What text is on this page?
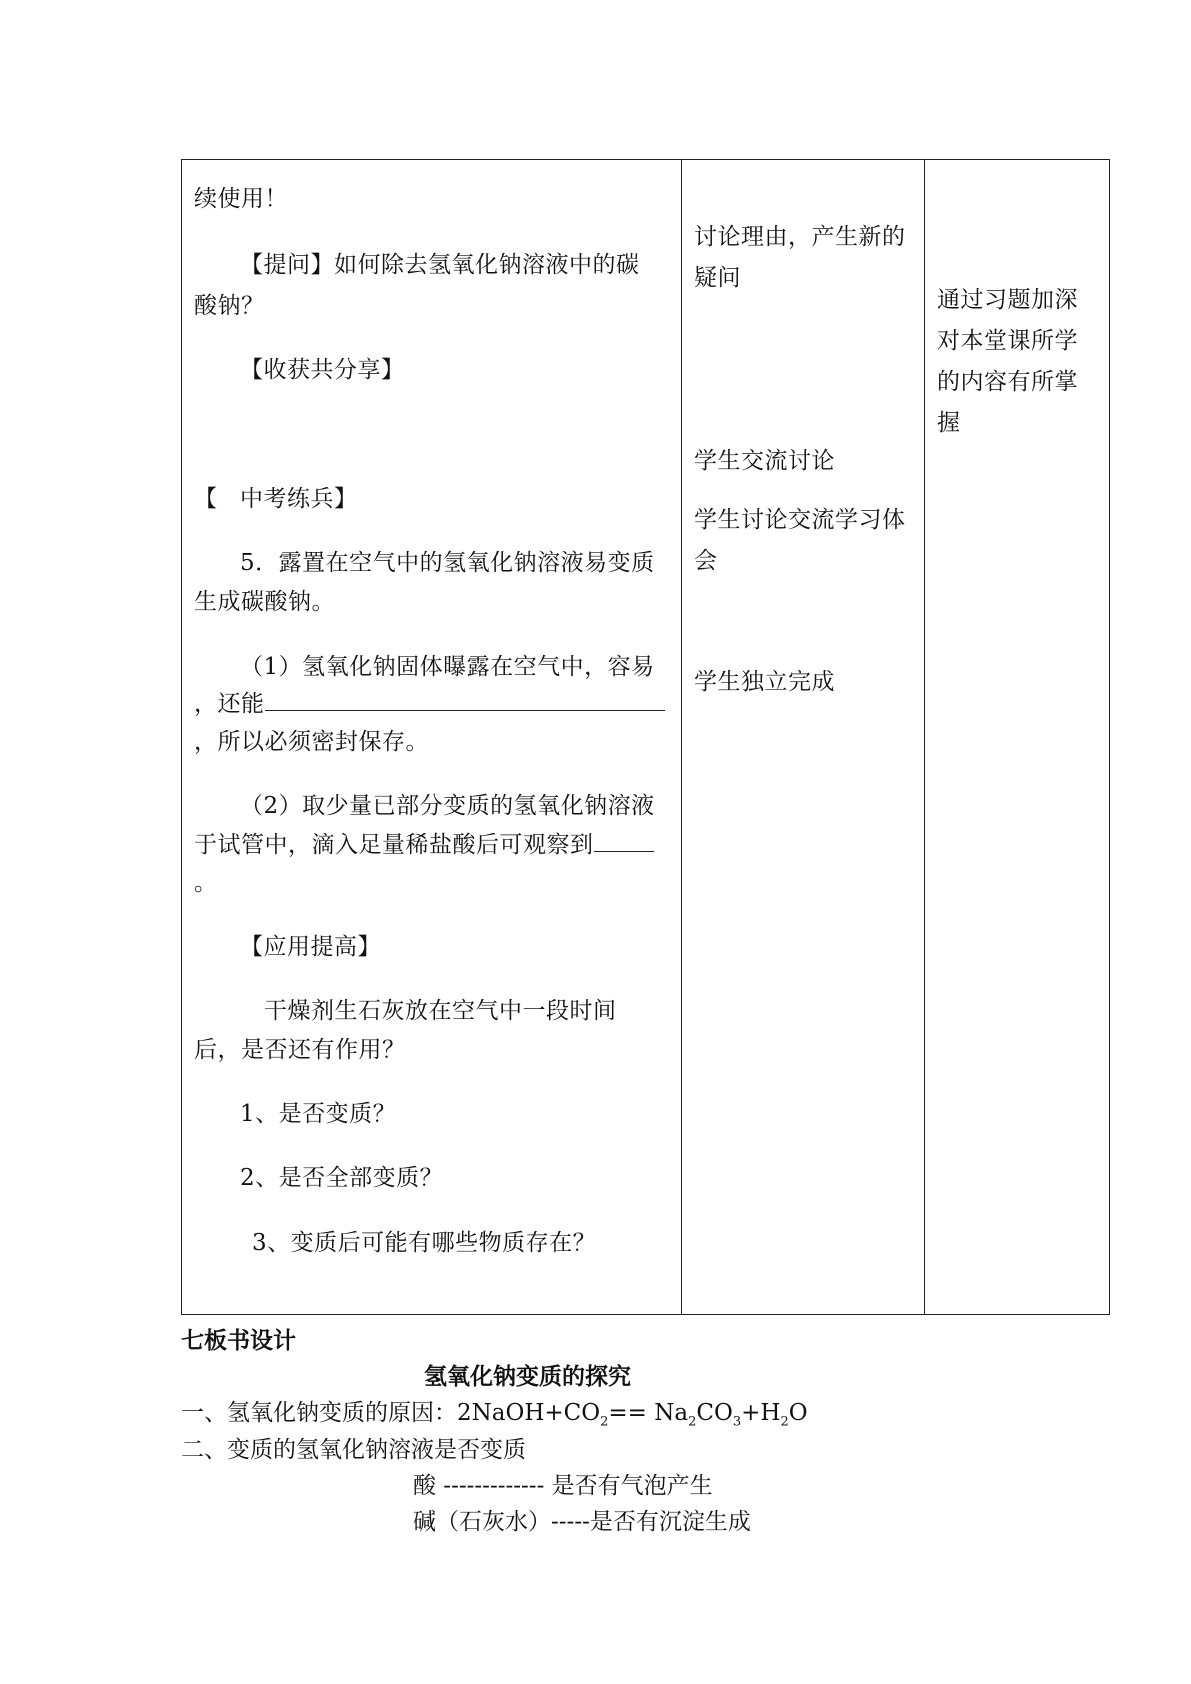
续使用！
【提问】如何除去氢氧化钠溶液中的碳
酸钠？
【收获共分享】
【 中考练兵】
5．露置在空气中的氢氧化钠溶液易变质
生成碳酸钠。
（1）氢氧化钠固体曝露在空气中，容易
，还能
，所以必须密封保存。
（2）取少量已部分变质的氢氧化钠溶液
于试管中，滴入足量稀盐酸后可观察到
。
【应用提高】
干燥剂生石灰放在空气中一段时间
后，是否还有作用？
1、是否变质？
2、是否全部变质？
3、变质后可能有哪些物质存在？
讨论理由，产生新的
疑问
学生交流讨论
学生讨论交流学习体
会
学生独立完成
通过习题加深
对本堂课所学
的内容有所掌
握
七板书设计
氢氧化钠变质的探究
一、氢氧化钠变质的原因：$2NaOH+CO_2== Na_2CO_3+H_2O$
二、变质的氢氧化钠溶液是否变质
酸 ------------- 是否有气泡产生
碱（石灰水）-----是否有沉淀生成
